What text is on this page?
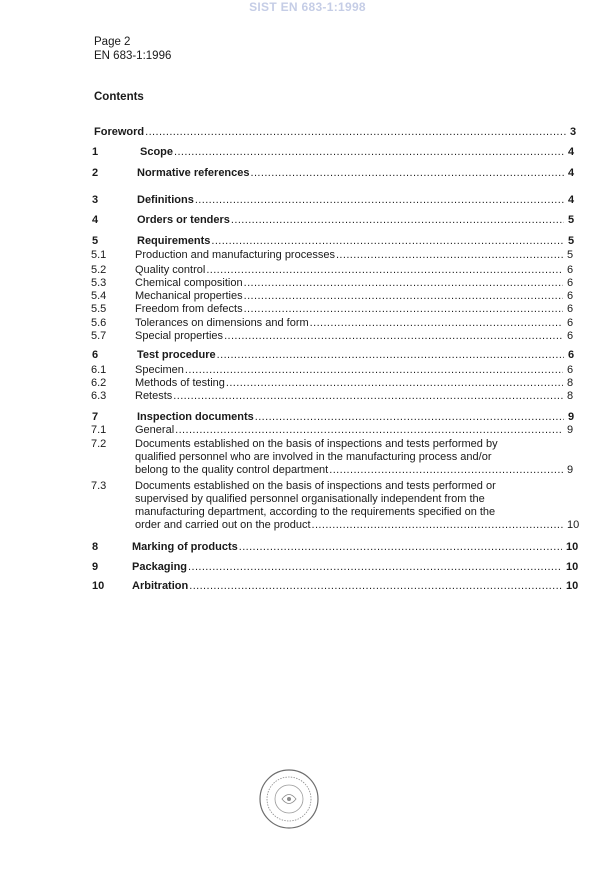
SIST EN 683-1:1998
Page 2
EN 683-1:1996
Contents
Foreword .....	3
1	Scope .....	4
2	Normative references .....	4
3	Definitions .....	4
4	Orders or tenders .....	5
5	Requirements .....	5
5.1	Production and manufacturing processes .....	5
5.2	Quality control .....	6
5.3	Chemical composition .....	6
5.4	Mechanical properties .....	6
5.5	Freedom from defects .....	6
5.6	Tolerances on dimensions and form .....	6
5.7	Special properties .....	6
6	Test procedure .....	6
6.1	Specimen .....	6
6.2	Methods of testing .....	8
6.3	Retests .....	8
7	Inspection documents .....	9
7.1	General .....	9
7.2	Documents established on the basis of inspections and tests performed by
qualified personnel who are involved in the manufacturing process and/or
belong to the quality control department .....	9
7.3	Documents established on the basis of inspections and tests performed or
supervised by qualified personnel organisationally independent from the
manufacturing department, according to the requirements specified on the
order and carried out on the product .....	10
8	Marking of products .....	10
9	Packaging .....	10
10	Arbitration .....	10
